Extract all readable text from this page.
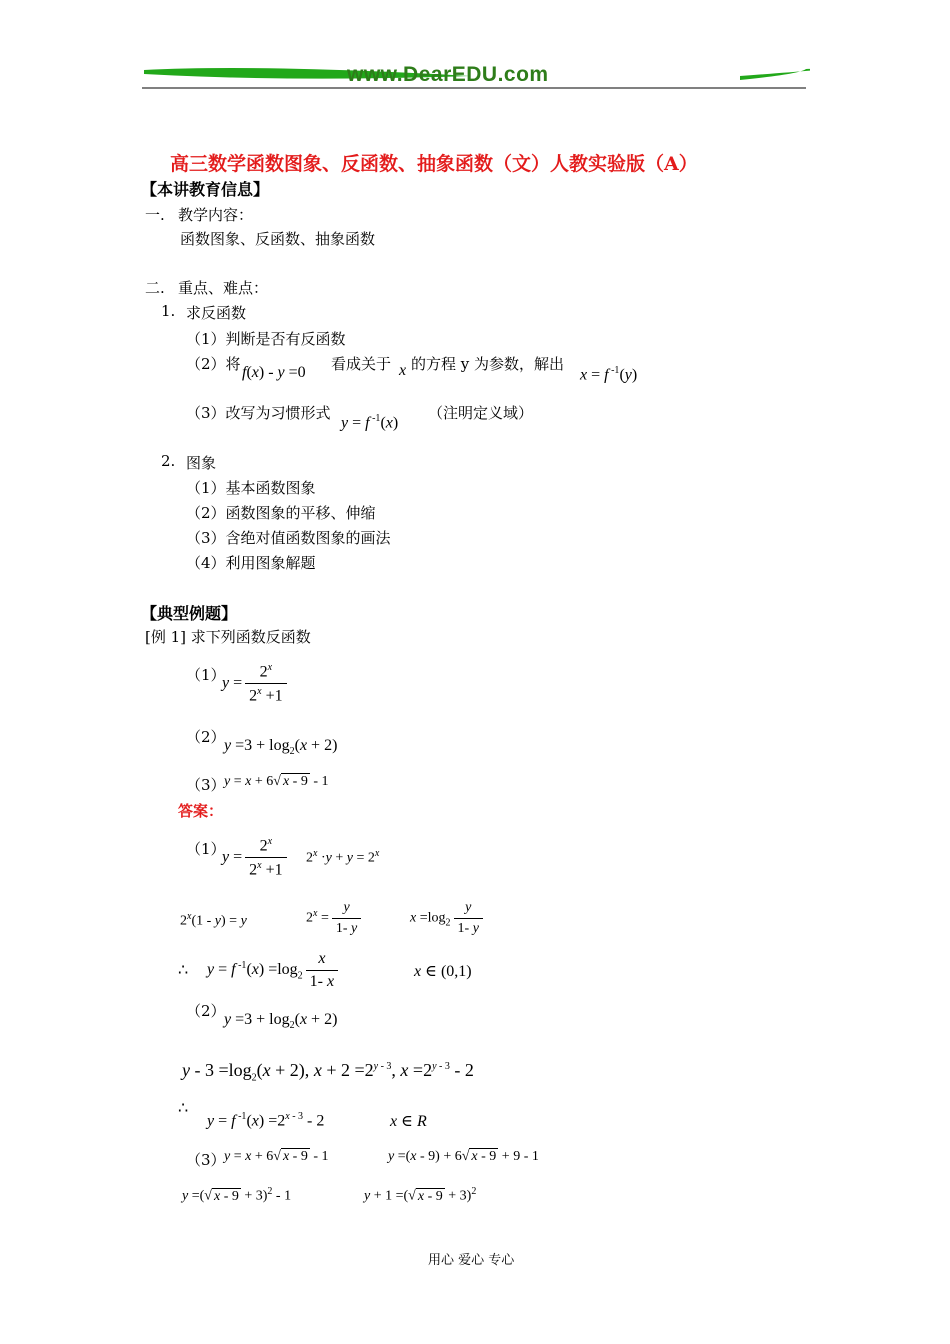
www.DearEDU.com
高三数学函数图象、反函数、抽象函数（文）人教实验版（A）
【本讲教育信息】
一. 教学内容：
函数图象、反函数、抽象函数
二. 重点、难点：
1. 求反函数
（1）判断是否有反函数
（2）将 f(x) - y =0 看成关于 x 的方程 y 为参数，解出
x = f $^{-1}$(y)
（3）改写为习惯形式
y = f $^{-1}$(x)
（注明定义域）
2. 图象
（1）基本函数图象
（2）函数图象的平移、伸缩
（3）含绝对值函数图象的画法
（4）利用图象解题
【典型例题】
[例 1] 求下列函数反函数
（1）
$y = \frac{2^x}{2^x +1}$
（2）
$y =3 + \log_2(x + 2)$
（3）
y = x + 6√ x - 9 - 1
答案：
（1）
$y = \frac{2^x}{2^x +1} 2^x \cdot y + y = 2^x$
2$^x$(1 - y) = y	$2^x = \frac{y}{1- y}$	$x =\log_2 \frac{y}{1- y}$
∴ y = f $^{-1}(x) =\log_2 \frac{x}{1- x}$	x ∈ (0,1)
（2）
$y =3 + \log_2(x + 2)$
$y - 3 =\log_2(x + 2)$, $x + 2 =2^{y - 3}$, $x =2^{y - 3} - 2$
∴
y = f $^{-1}(x) =2^{x - 3} - 2$	x ∈ R
（3）
y = x + 6√ x - 9 - 1	y =(x - 9) + 6√ x - 9 + 9 - 1
y =(√ x - 9 + 3)$^2$ - 1	y + 1 =(√ x - 9 + 3)$^2$
用心 爱心 专心
